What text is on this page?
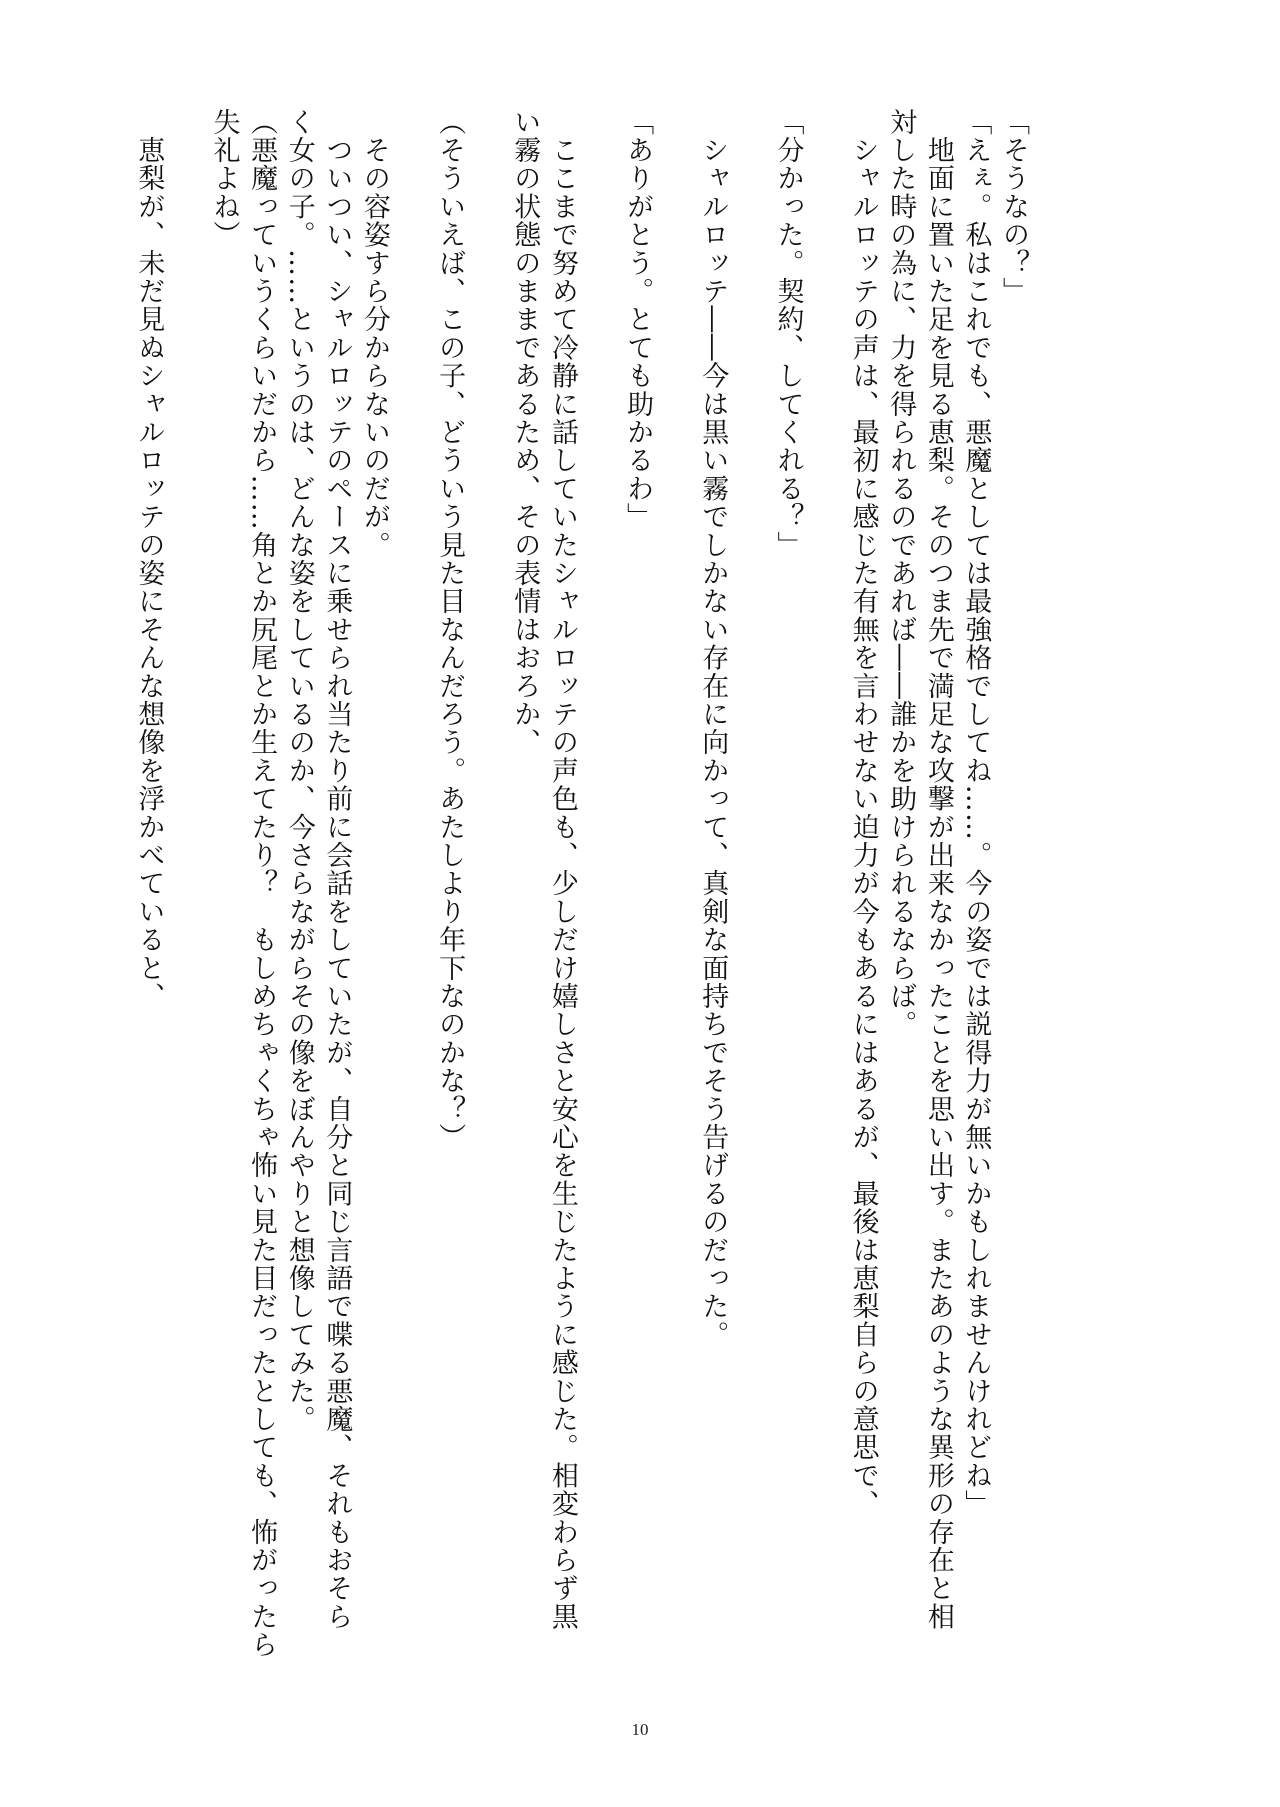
「そうなの？」
「えぇ。私はこれでも、悪魔としては最強格でしてね……。今の姿では説得力が無いかもしれませんけれどね」
　地面に置いた足を見る恵梨。そのつま先で満足な攻撃が出来なかったことを思い出す。またあのような異形の存在と相
対した時の為に、力を得られるのであれば――誰かを助けられるならば。
　シャルロッテの声は、最初に感じた有無を言わせない迫力が今もあるにはあるが、最後は恵梨自らの意思で、
「分かった。契約、してくれる？」
　シャルロッテ――今は黒い霧でしかない存在に向かって、真剣な面持ちでそう告げるのだった。
「ありがとう。とても助かるわ」
　ここまで努めて冷静に話していたシャルロッテの声色も、少しだけ嬉しさと安心を生じたように感じた。相変わらず黒
い霧の状態のままであるため、その表情はおろか、
（そういえば、この子、どういう見た目なんだろう。あたしより年下なのかな？）
　その容姿すら分からないのだが。
　ついつい、シャルロッテのペースに乗せられ当たり前に会話をしていたが、自分と同じ言語で喋る悪魔、それもおそら
く女の子。……というのは、どんな姿をしているのか、今さらながらその像をぼんやりと想像してみた。
（悪魔っていうくらいだから……角とか尻尾とか生えてたり？　もしめちゃくちゃ怖い見た目だったとしても、怖がったら
失礼よね）
　恵梨が、未だ見ぬシャルロッテの姿にそんな想像を浮かべていると、
10
